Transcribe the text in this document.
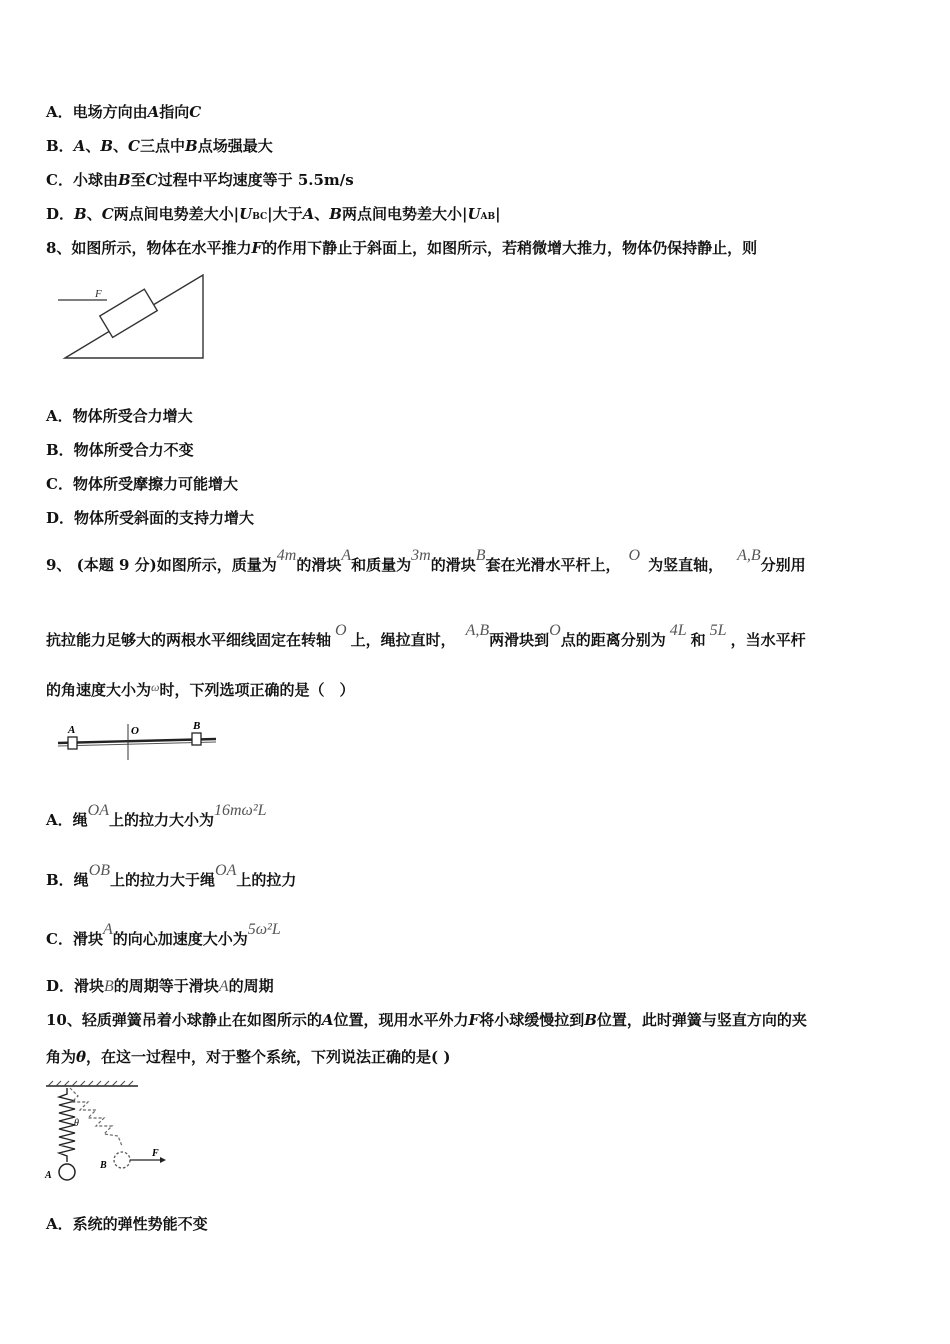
A．电场方向由A指向C
B．A、B、C三点中B点场强最大
C．小球由B至C过程中平均速度等于 5.5m/s
D．B、C两点间电势差大小|UBC|大于A、B两点间电势差大小|UAB|
8、如图所示，物体在水平推力F的作用下静止于斜面上，如图所示，若稍微增大推力，物体仍保持静止，则
F
A．物体所受合力增大
B．物体所受合力不变
C．物体所受摩擦力可能增大
D．物体所受斜面的支持力增大
9、 (本题 9 分)如图所示，质量为4m的滑块A和质量为3m的滑块B套在光滑水平杆上，O为竖直轴，A,B分别用
抗拉能力足够大的两根水平细线固定在转轴O上，绳拉直时，A,B两滑块到O点的距离分别为4L和5L，当水平杆
的角速度大小为$^\omega$时，下列选项正确的是（　）
A	O	B
A．绳OA上的拉力大小为16mω²L
B．绳OB上的拉力大于绳OA上的拉力
C．滑块A的向心加速度大小为5ω²L
D．滑块B的周期等于滑块A的周期
10、轻质弹簧吊着小球静止在如图所示的A位置，现用水平外力F将小球缓慢拉到B位置，此时弹簧与竖直方向的夹
角为θ，在这一过程中，对于整个系统，下列说法正确的是( )
θ
A
B
F
A．系统的弹性势能不变
